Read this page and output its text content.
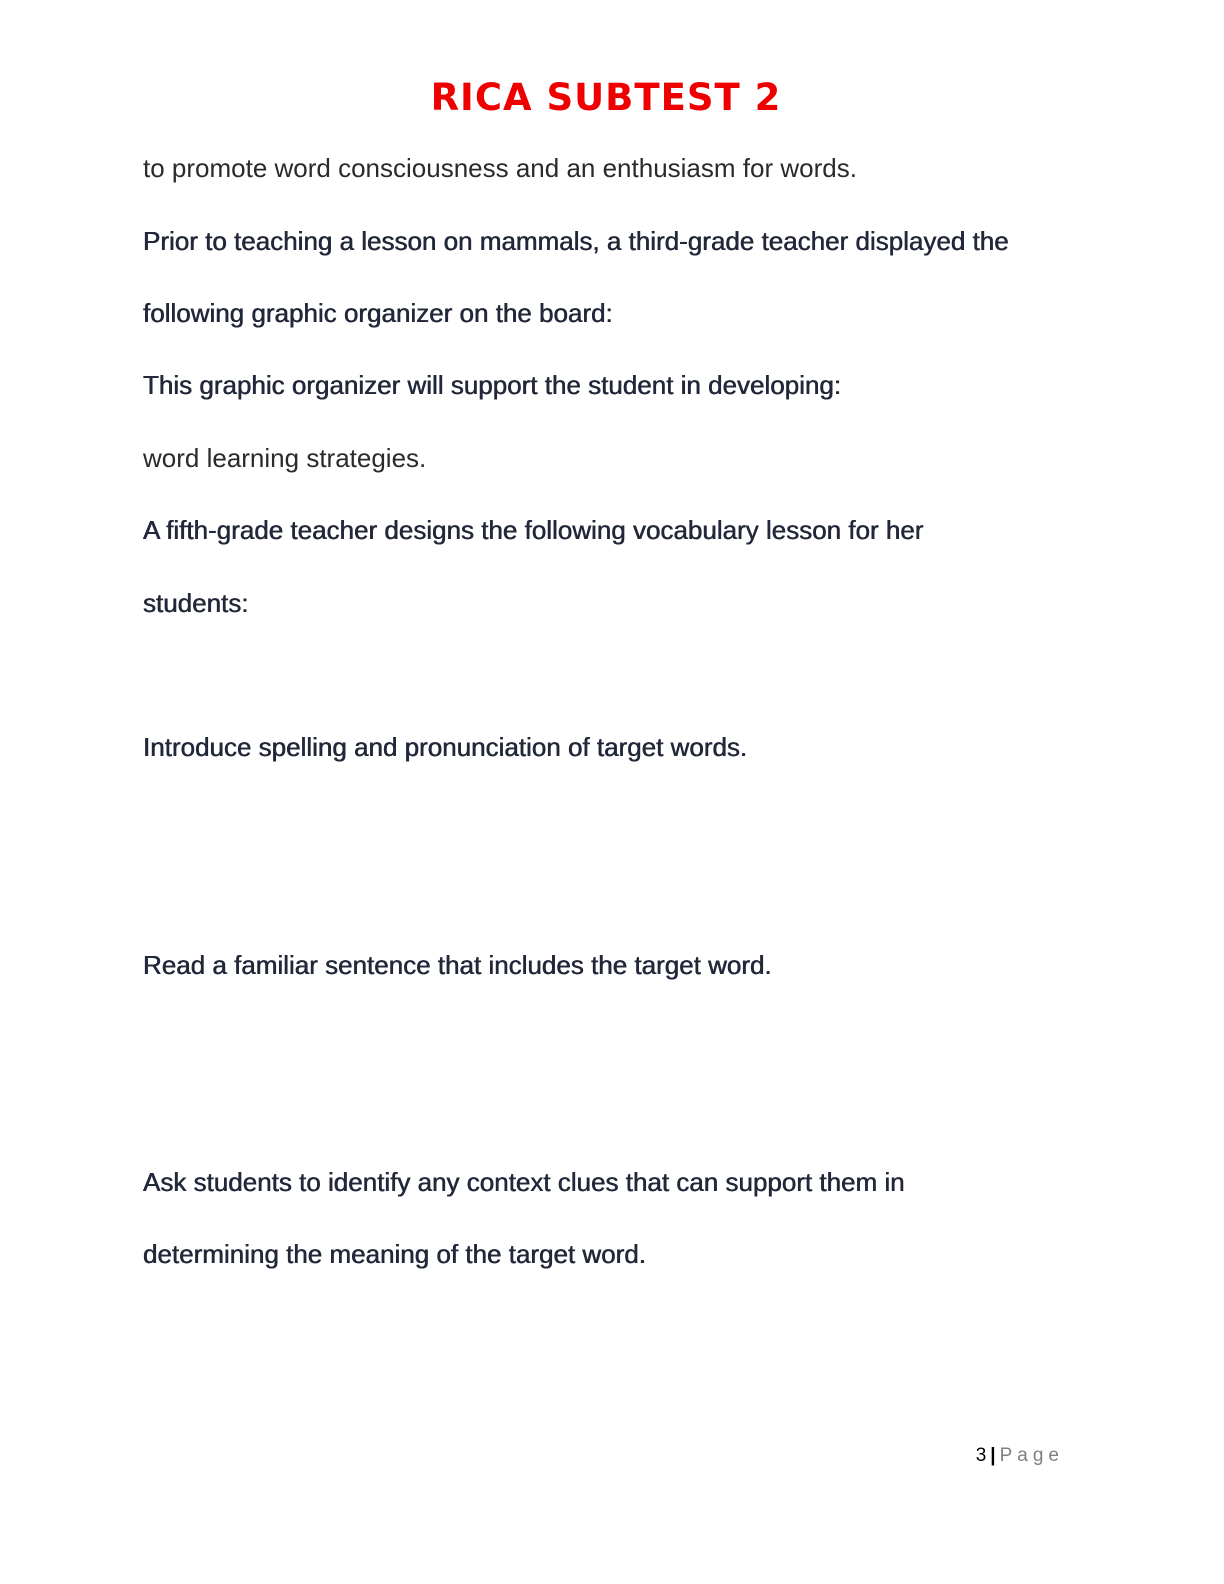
RICA SUBTEST 2

to promote word consciousness and an enthusiasm for words.

Prior to teaching a lesson on mammals, a third-grade teacher displayed the

following graphic organizer on the board:

This graphic organizer will support the student in developing:

word learning strategies.

A fifth-grade teacher designs the following vocabulary lesson for her

students:

Introduce spelling and pronunciation of target words.

Read a familiar sentence that includes the target word.

Ask students to identify any context clues that can support them in

determining the meaning of the target word.

3 | Page
